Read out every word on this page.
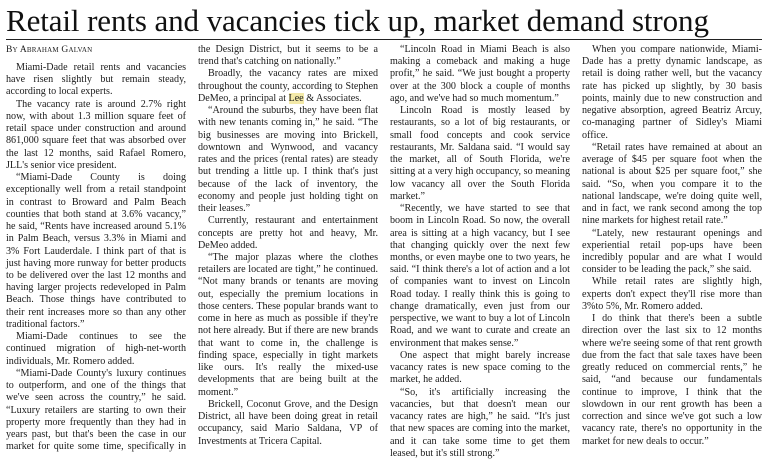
Retail rents and vacancies tick up, market demand strong
By Abraham Galvan

Miami-Dade retail rents and vacancies have risen slightly but remain steady, according to local experts.

The vacancy rate is around 2.7% right now, with about 1.3 million square feet of retail space under construction and around 861,000 square feet that was absorbed over the last 12 months, said Rafael Romero, JLL's senior vice president.

“Miami-Dade County is doing exceptionally well from a retail standpoint in contrast to Broward and Palm Beach counties that both stand at 3.6% vacancy,” he said, “Rents have increased around 5.1% in Palm Beach, versus 3.3% in Miami and 3% Fort Lauderdale. I think part of that is just having more runway for better products to be delivered over the last 12 months and having larger projects redeveloped in Palm Beach. Those things have contributed to their rent increases more so than any other traditional factors.”

Miami-Dade continues to see the continued migration of high-net-worth individuals, Mr. Romero added.

“Miami-Dade County's luxury continues to outperform, and one of the things that we've seen across the country,” he said. “Luxury retailers are starting to own their property more frequently than they had in years past, but that's been the case in our market for quite some time, specifically in the Design District, but it seems to be a trend that's catching on nationally.”

Broadly, the vacancy rates are mixed throughout the county, according to Stephen DeMeo, a principal at Lee & Associates.

“Around the suburbs, they have been flat with new tenants coming in,” he said. “The big businesses are moving into Brickell, downtown and Wynwood, and vacancy rates and the prices (rental rates) are steady but trending a little up. I think that's just because of the lack of inventory, the economy and people just holding tight on their leases.”

Currently, restaurant and entertainment concepts are pretty hot and heavy, Mr. DeMeo added.

“The major plazas where the clothes retailers are located are tight,” he continued. “Not many brands or tenants are moving out, especially the premium locations in those centers. These popular brands want to come in here as much as possible if they're not here already. But if there are new brands that want to come in, the challenge is finding space, especially in tight markets like ours. It's really the mixed-use developments that are being built at the moment.”

Brickell, Coconut Grove, and the Design District, all have been doing great in retail occupancy, said Mario Saldana, VP of Investments at Tricera Capital.

“Lincoln Road in Miami Beach is also making a comeback and making a huge profit,” he said. “We just bought a property over at the 300 block a couple of months ago, and we've had so much momentum.”

Lincoln Road is mostly leased by restaurants, so a lot of big restaurants, or small food concepts and cook service restaurants, Mr. Saldana said. “I would say the market, all of South Florida, we're sitting at a very high occupancy, so meaning low vacancy all over the South Florida market.”

“Recently, we have started to see that boom in Lincoln Road. So now, the overall area is sitting at a high vacancy, but I see that changing quickly over the next few months, or even maybe one to two years, he said. “I think there's a lot of action and a lot of companies want to invest on Lincoln Road today. I really think this is going to change dramatically, even just from our perspective, we want to buy a lot of Lincoln Road, and we want to curate and create an environment that makes sense.”

One aspect that might barely increase vacancy rates is new space coming to the market, he added.

“So, it's artificially increasing the vacancies, but that doesn't mean our vacancy rates are high,” he said. “It's just that new spaces are coming into the market, and it can take some time to get them leased, but it's still strong.”

When you compare nationwide, Miami-Dade has a pretty dynamic landscape, as retail is doing rather well, but the vacancy rate has picked up slightly, by 30 basis points, mainly due to new construction and negative absorption, agreed Beatriz Arcuy, co-managing partner of Sidley's Miami office.

“Retail rates have remained at about an average of $45 per square foot when the national is about $25 per square foot,” she said. “So, when you compare it to the national landscape, we're doing quite well, and in fact, we rank second among the top nine markets for highest retail rate.”

“Lately, new restaurant openings and experiential retail pop-ups have been incredibly popular and are what I would consider to be leading the pack,” she said.

While retail rates are slightly high, experts don't expect they'll rise more than 3%to 5%, Mr. Romero added.

I do think that there's been a subtle direction over the last six to 12 months where we're seeing some of that rent growth due from the fact that sale taxes have been greatly reduced on commercial rents,” he said, “and because our fundamentals continue to improve, I think that the slowdown in our rent growth has been a correction and since we've got such a low vacancy rate, there's no opportunity in the market for new deals to occur.”
